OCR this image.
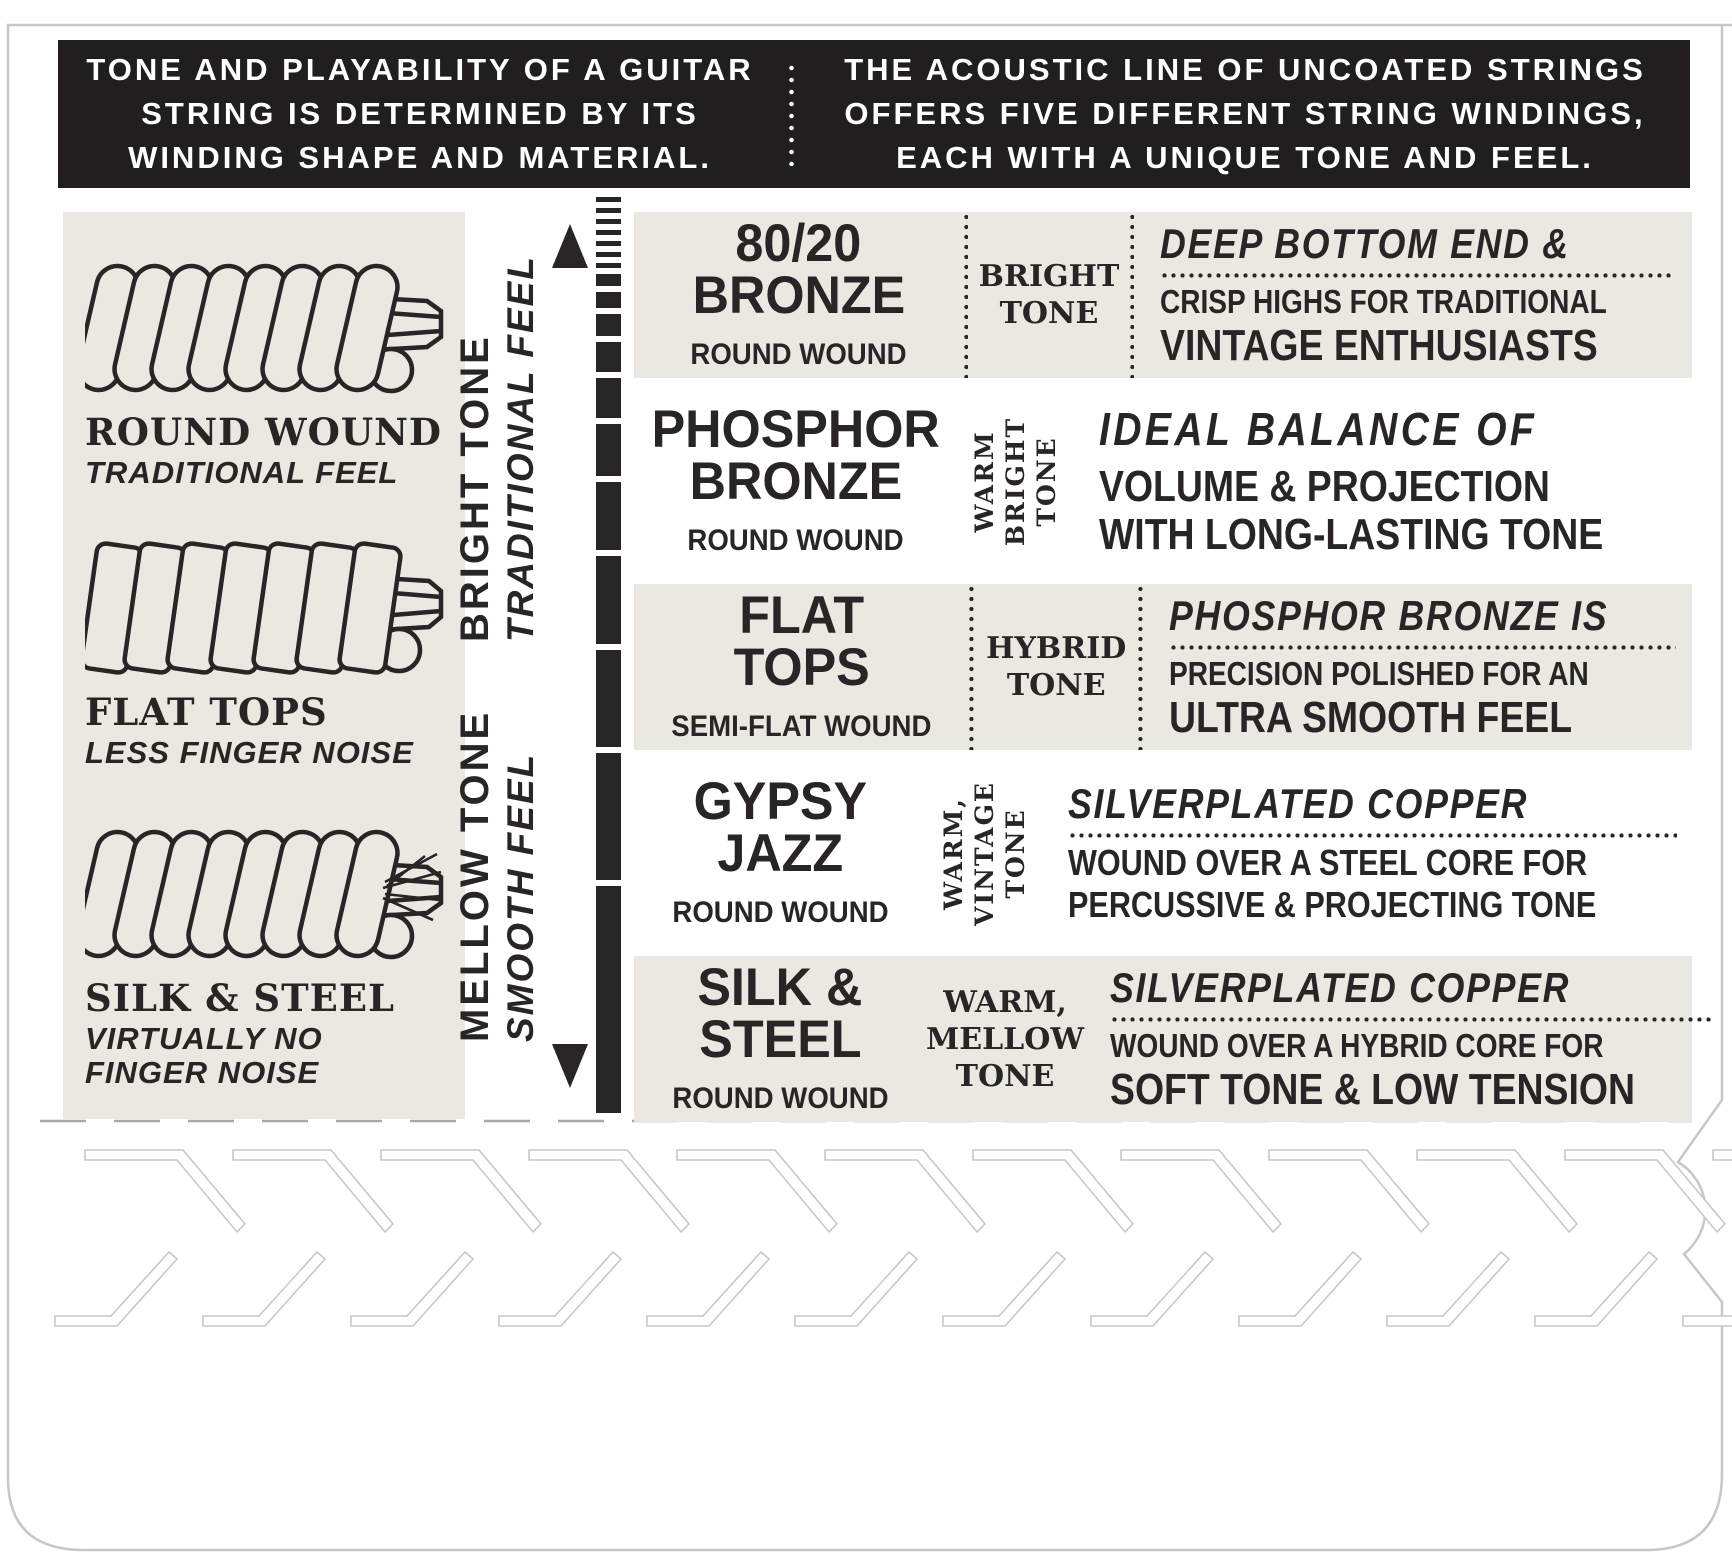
TONE AND PLAYABILITY OF A GUITAR
STRING IS DETERMINED BY ITS
WINDING SHAPE AND MATERIAL.
THE ACOUSTIC LINE OF UNCOATED STRINGS
OFFERS FIVE DIFFERENT STRING WINDINGS,
EACH WITH A UNIQUE TONE AND FEEL.
ROUND WOUND
TRADITIONAL FEEL
FLAT TOPS
LESS FINGER NOISE
SILK & STEEL
VIRTUALLY NO
FINGER NOISE
BRIGHT TONE TRADITIONAL FEEL
MELLOW TONE SMOOTH FEEL
80/20
BRONZE
ROUND WOUND
BRIGHT
TONE
DEEP BOTTOM END &
CRISP HIGHS FOR TRADITIONAL
VINTAGE ENTHUSIASTS
PHOSPHOR
BRONZE
ROUND WOUND
WARM BRIGHT TONE
IDEAL BALANCE OF
VOLUME & PROJECTION
WITH LONG-LASTING TONE
FLAT
TOPS
SEMI-FLAT WOUND
HYBRID
TONE
PHOSPHOR BRONZE IS
PRECISION POLISHED FOR AN
ULTRA SMOOTH FEEL
GYPSY
JAZZ
ROUND WOUND
WARM, VINTAGE TONE
SILVERPLATED COPPER
WOUND OVER A STEEL CORE FOR
PERCUSSIVE & PROJECTING TONE
SILK &
STEEL
ROUND WOUND
WARM,
MELLOW
TONE
SILVERPLATED COPPER
WOUND OVER A HYBRID CORE FOR
SOFT TONE & LOW TENSION
